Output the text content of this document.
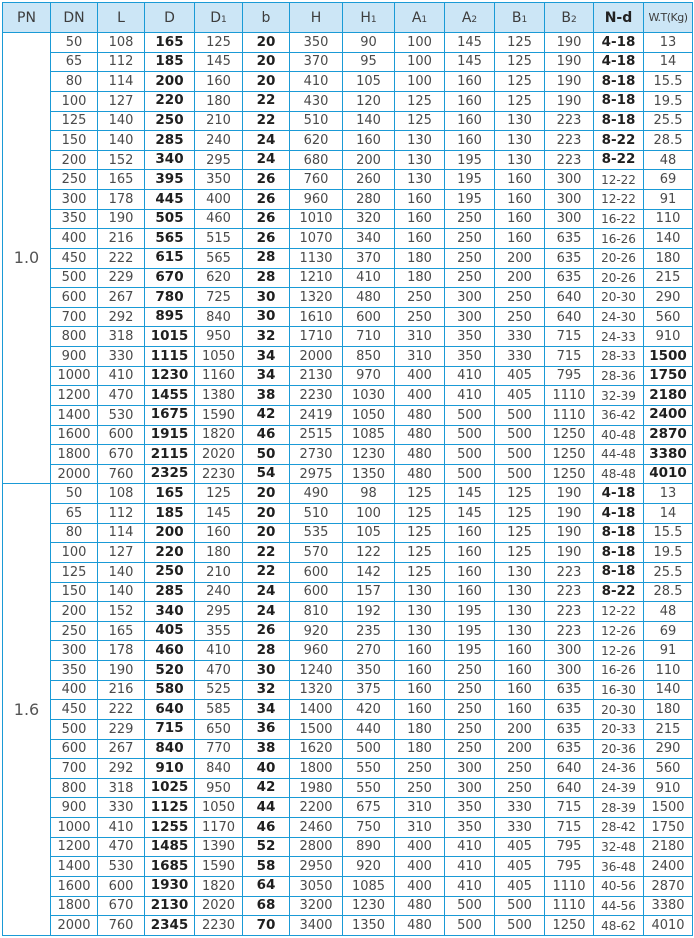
PN	DN	L	D	D1	b	H	H1	A1	A2	B1	B2	N-d	W.T(Kg)
1.0	50	108	165	125	20	350	90	100	145	125	190	4-18	13
	65	112	185	145	20	370	95	100	145	125	190	4-18	14
	80	114	200	160	20	410	105	100	160	125	190	8-18	15.5
	100	127	220	180	22	430	120	125	160	125	190	8-18	19.5
	125	140	250	210	22	510	140	125	160	130	223	8-18	25.5
	150	140	285	240	24	620	160	130	160	130	223	8-22	28.5
	200	152	340	295	24	680	200	130	195	130	223	8-22	48
	250	165	395	350	26	760	260	130	195	160	300	12-22	69
	300	178	445	400	26	960	280	160	195	160	300	12-22	91
	350	190	505	460	26	1010	320	160	250	160	300	16-22	110
	400	216	565	515	26	1070	340	160	250	160	635	16-26	140
	450	222	615	565	28	1130	370	180	250	200	635	20-26	180
	500	229	670	620	28	1210	410	180	250	200	635	20-26	215
	600	267	780	725	30	1320	480	250	300	250	640	20-30	290
	700	292	895	840	30	1610	600	250	300	250	640	24-30	560
	800	318	1015	950	32	1710	710	310	350	330	715	24-33	910
	900	330	1115	1050	34	2000	850	310	350	330	715	28-33	1500
	1000	410	1230	1160	34	2130	970	400	410	405	795	28-36	1750
	1200	470	1455	1380	38	2230	1030	400	410	405	1110	32-39	2180
	1400	530	1675	1590	42	2419	1050	480	500	500	1110	36-42	2400
	1600	600	1915	1820	46	2515	1085	480	500	500	1250	40-48	2870
	1800	670	2115	2020	50	2730	1230	480	500	500	1250	44-48	3380
	2000	760	2325	2230	54	2975	1350	480	500	500	1250	48-48	4010
1.6	50	108	165	125	20	490	98	125	145	125	190	4-18	13
	65	112	185	145	20	510	100	125	145	125	190	4-18	14
	80	114	200	160	20	535	105	125	160	125	190	8-18	15.5
	100	127	220	180	22	570	122	125	160	125	190	8-18	19.5
	125	140	250	210	22	600	142	125	160	130	223	8-18	25.5
	150	140	285	240	24	600	157	130	160	130	223	8-22	28.5
	200	152	340	295	24	810	192	130	195	130	223	12-22	48
	250	165	405	355	26	920	235	130	195	130	223	12-26	69
	300	178	460	410	28	960	270	160	195	160	300	12-26	91
	350	190	520	470	30	1240	350	160	250	160	300	16-26	110
	400	216	580	525	32	1320	375	160	250	160	635	16-30	140
	450	222	640	585	34	1400	420	160	250	160	635	20-30	180
	500	229	715	650	36	1500	440	180	250	200	635	20-33	215
	600	267	840	770	38	1620	500	180	250	200	635	20-36	290
	700	292	910	840	40	1800	550	250	300	250	640	24-36	560
	800	318	1025	950	42	1980	550	250	300	250	640	24-39	910
	900	330	1125	1050	44	2200	675	310	350	330	715	28-39	1500
	1000	410	1255	1170	46	2460	750	310	350	330	715	28-42	1750
	1200	470	1485	1390	52	2800	890	400	410	405	795	32-48	2180
	1400	530	1685	1590	58	2950	920	400	410	405	795	36-48	2400
	1600	600	1930	1820	64	3050	1085	400	410	405	1110	40-56	2870
	1800	670	2130	2020	68	3200	1230	480	500	500	1110	44-56	3380
	2000	760	2345	2230	70	3400	1350	480	500	500	1250	48-62	4010
